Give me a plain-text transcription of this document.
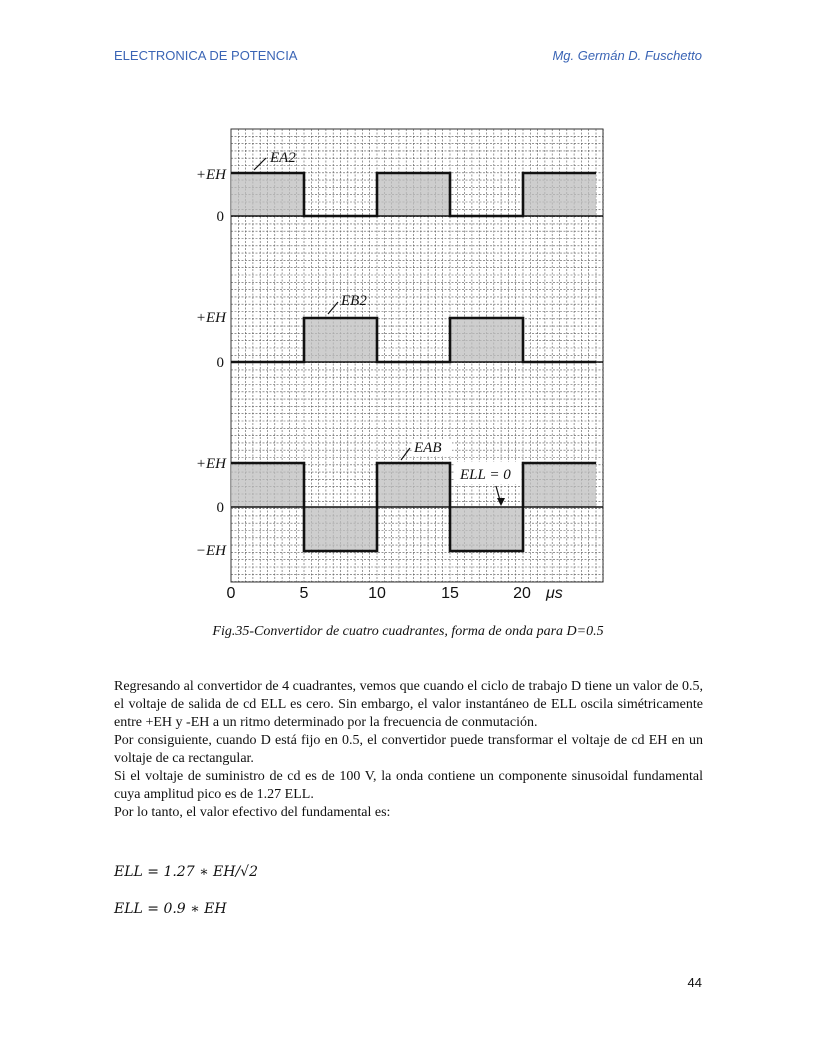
ELECTRONICA DE POTENCIA	Mg. Germán D. Fuschetto
+EH
0
EA2
+EH
0
EB2
+EH
0
−EH
EAB
ELL = 0
0	5	10	15	20 μs
Fig.35-Convertidor de cuatro cuadrantes, forma de onda para D=0.5

Regresando al convertidor de 4 cuadrantes, vemos que cuando el ciclo de trabajo D tiene un valor de 0.5, el voltaje de salida de cd ELL es cero. Sin embargo, el valor instantáneo de ELL oscila simétricamente entre +EH y -EH a un ritmo determinado por la frecuencia de conmutación.

Por consiguiente, cuando D está fijo en 0.5, el convertidor puede transformar el voltaje de cd EH en un voltaje de ca rectangular.

Si el voltaje de suministro de cd es de 100 V, la onda contiene un componente sinusoidal fundamental cuya amplitud pico es de 1.27 ELL.

Por lo tanto, el valor efectivo del fundamental es:

ELL = 1.27 ∗ EH/√2
ELL = 0.9 ∗ EH
44
